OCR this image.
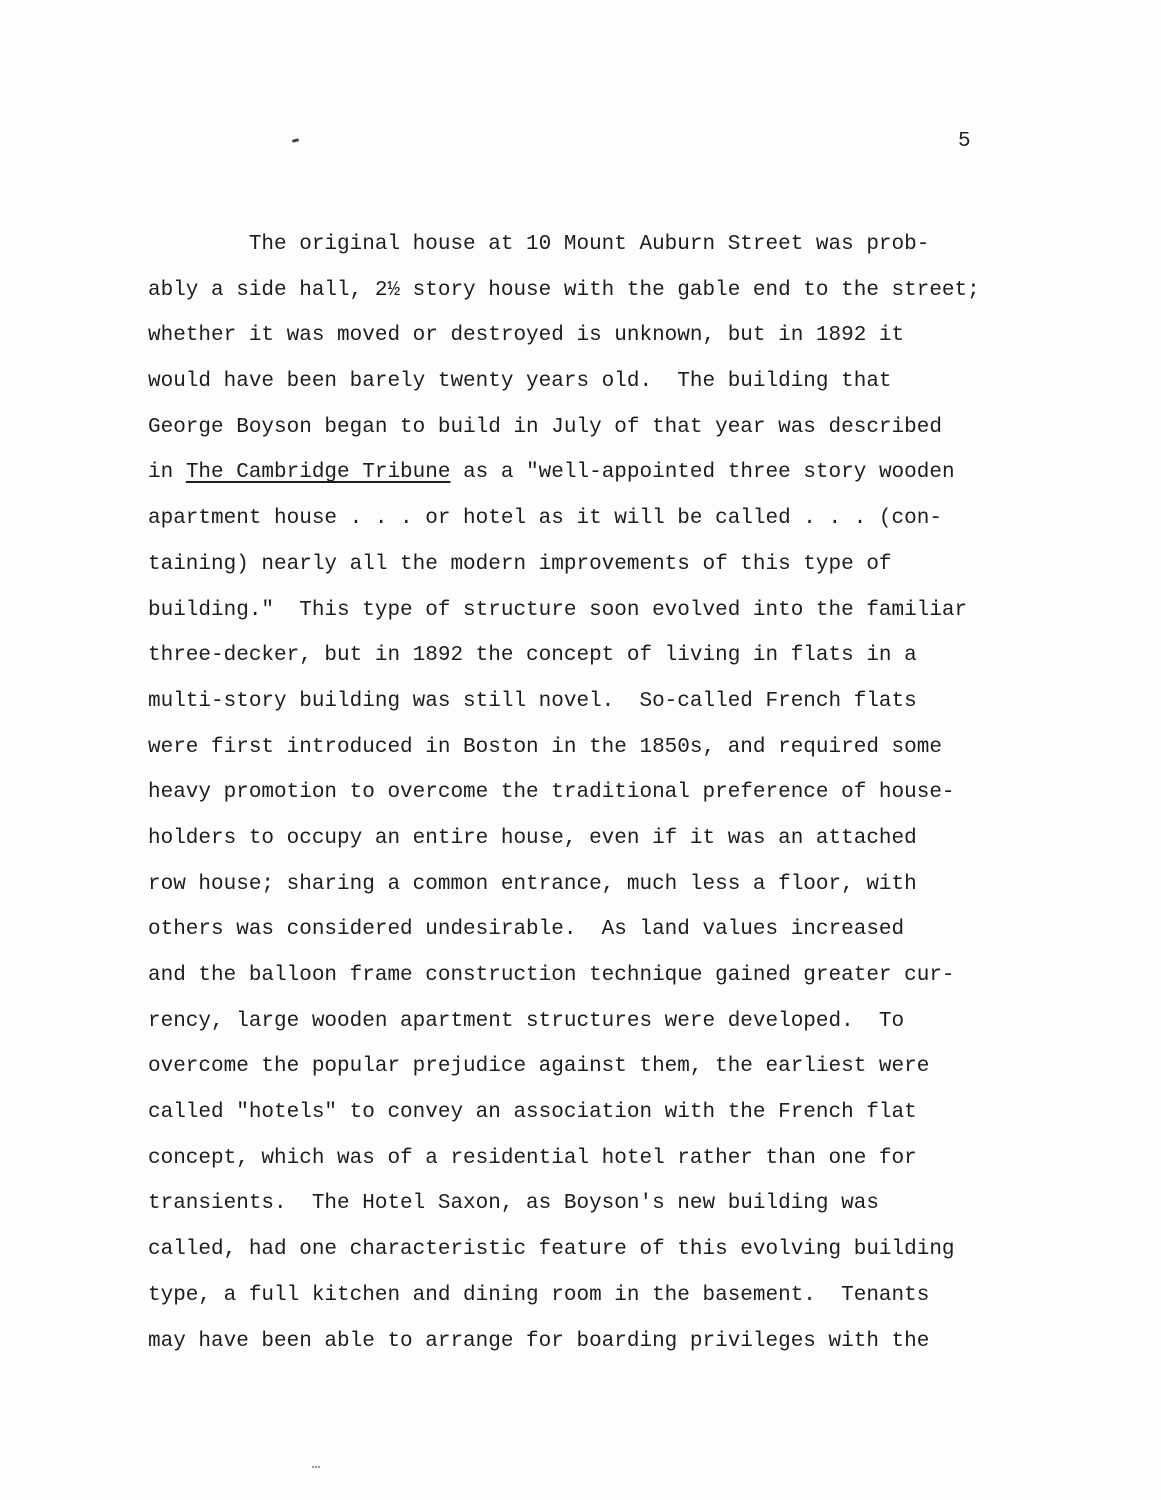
5
The original house at 10 Mount Auburn Street was prob-
ably a side hall, 2½ story house with the gable end to the street;
whether it was moved or destroyed is unknown, but in 1892 it
would have been barely twenty years old.  The building that
George Boyson began to build in July of that year was described
in The Cambridge Tribune as a "well-appointed three story wooden
apartment house . . . or hotel as it will be called . . . (con-
taining) nearly all the modern improvements of this type of
building."  This type of structure soon evolved into the familiar
three-decker, but in 1892 the concept of living in flats in a
multi-story building was still novel.  So-called French flats
were first introduced in Boston in the 1850s, and required some
heavy promotion to overcome the traditional preference of house-
holders to occupy an entire house, even if it was an attached
row house; sharing a common entrance, much less a floor, with
others was considered undesirable.  As land values increased
and the balloon frame construction technique gained greater cur-
rency, large wooden apartment structures were developed.  To
overcome the popular prejudice against them, the earliest were
called "hotels" to convey an association with the French flat
concept, which was of a residential hotel rather than one for
transients.  The Hotel Saxon, as Boyson's new building was
called, had one characteristic feature of this evolving building
type, a full kitchen and dining room in the basement.  Tenants
may have been able to arrange for boarding privileges with the
